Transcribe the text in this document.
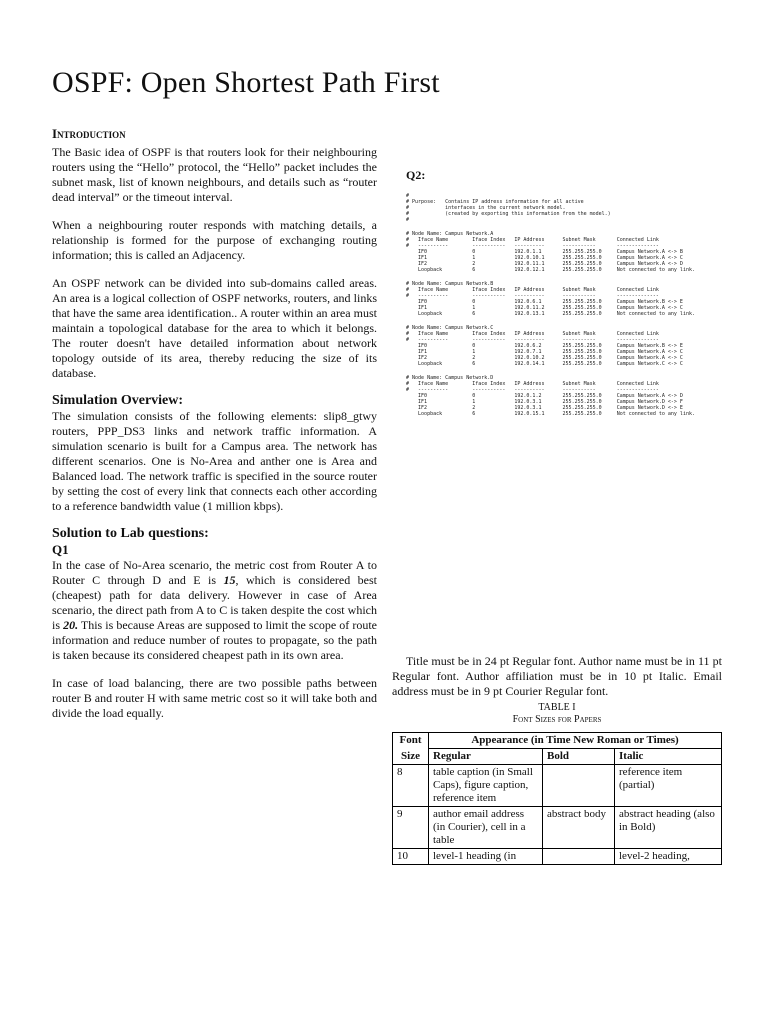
OSPF: Open Shortest Path First
Introduction

The Basic idea of OSPF is that routers look for their neighbouring routers using the “Hello” protocol, the “Hello” packet includes the subnet mask, list of known neighbours, and details such as “router dead interval” or the timeout interval.

When a neighbouring router responds with matching details, a relationship is formed for the purpose of exchanging routing information; this is called an Adjacency.

An OSPF network can be divided into sub-domains called areas. An area is a logical collection of OSPF networks, routers, and links that have the same area identification.. A router within an area must maintain a topological database for the area to which it belongs. The router doesn't have detailed information about network topology outside of its area, thereby reducing the size of its database.

Simulation Overview:

The simulation consists of the following elements: slip8_gtwy routers, PPP_DS3 links and network traffic information. A simulation scenario is built for a Campus area. The network has different scenarios. One is No-Area and anther one is Area and Balanced load. The network traffic is specified in the source router by setting the cost of every link that connects each other according to a reference bandwidth value (1 million kbps).

Solution to Lab questions:
Q1

In the case of No-Area scenario, the metric cost from Router A to Router C through D and E is 15, which is considered best (cheapest) path for data delivery. However in case of Area scenario, the direct path from A to C is taken despite the cost which is 20. This is because Areas are supposed to limit the scope of route information and reduce number of routes to propagate, so the path is taken because its considered cheapest path in its own area.

In case of load balancing, there are two possible paths between router B and router H with same metric cost so it will take both and divide the load equally.

Q2:
#
# Purpose:   Contains IP address information for all active
#            interfaces in the current network model.
#            (created by exporting this information from the model.)
#
# Node Name: Campus Network.A
#   Iface Name        Iface Index   IP Address      Subnet Mask       Connected Link
#   ----------        -----------   ----------      -----------       --------------
IF0               0             192.0.1.1       255.255.255.0     Campus Network.A <-> B
IF1               1             192.0.10.1      255.255.255.0     Campus Network.A <-> C
IF2               2             192.0.11.1      255.255.255.0     Campus Network.A <-> D
Loopback          6             192.0.12.1      255.255.255.0     Not connected to any link.
# Node Name: Campus Network.B
#   Iface Name        Iface Index   IP Address      Subnet Mask       Connected Link
#   ----------        -----------   ----------      -----------       --------------
IF0               0             192.0.6.1       255.255.255.0     Campus Network.B <-> E
IF1               1             192.0.11.2      255.255.255.0     Campus Network.A <-> C
Loopback          6             192.0.13.1      255.255.255.0     Not connected to any link.
# Node Name: Campus Network.C
#   Iface Name        Iface Index   IP Address      Subnet Mask       Connected Link
#   ----------        -----------   ----------      -----------       --------------
IF0               0             192.0.6.2       255.255.255.0     Campus Network.B <-> E
IF1               1             192.0.7.1       255.255.255.0     Campus Network.A <-> C
IF2               2             192.0.10.2      255.255.255.0     Campus Network.A <-> C
Loopback          6             192.0.14.1      255.255.255.0     Campus Network.C <-> C
# Node Name: Campus Network.D
#   Iface Name        Iface Index   IP Address      Subnet Mask       Connected Link
#   ----------        -----------   ----------      -----------       --------------
IF0               0             192.0.1.2       255.255.255.0     Campus Network.A <-> D
IF1               1             192.0.3.1       255.255.255.0     Campus Network.D <-> F
IF2               2             192.0.3.1       255.255.255.0     Campus Network.D <-> E
Loopback          6             192.0.15.1      255.255.255.0     Not connected to any link.

Title must be in 24 pt Regular font. Author name must be in 11 pt Regular font. Author affiliation must be in 10 pt Italic. Email address must be in 9 pt Courier Regular font.

TABLE I
Font Sizes for Papers
Font	Appearance (in Time New Roman or Times)		
Size	Regular	Bold	Italic
8	table caption (in Small Caps), figure caption, reference item		reference item (partial)
9	author email address (in Courier), cell in a table	abstract body	abstract heading (also in Bold)
10	level-1 heading (in		level-2 heading,
